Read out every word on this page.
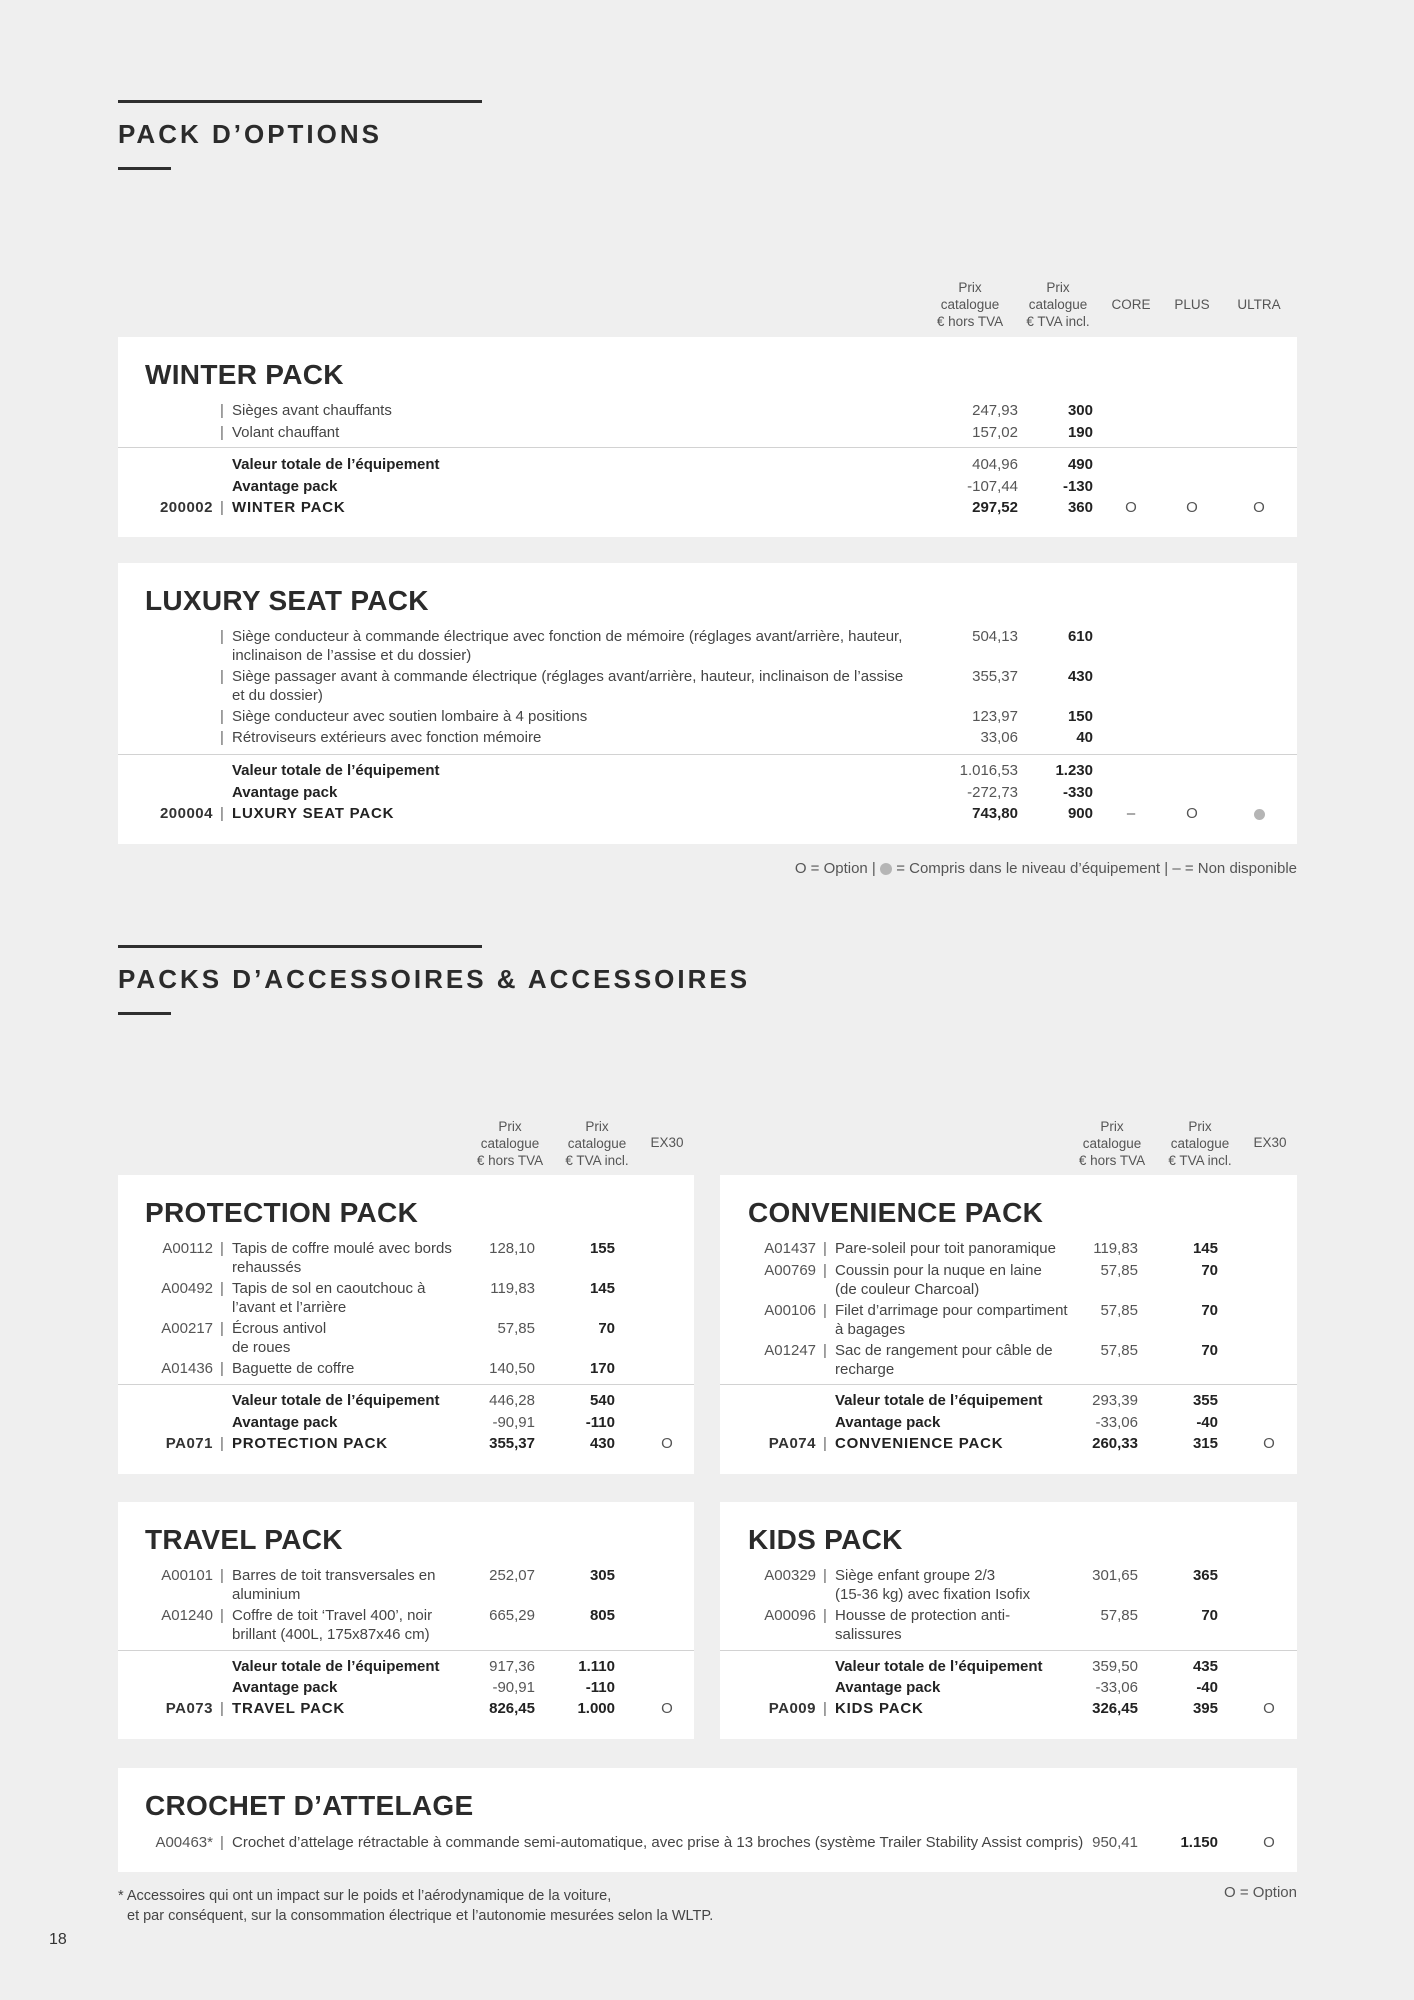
PACK D’OPTIONS
Prix
catalogue
€ hors TVA
Prix
catalogue
€ TVA incl.
CORE	PLUS	ULTRA
WINTER PACK
| Sièges avant chauffants	247,93	300
| Volant chauffant	157,02	190
Valeur totale de l’équipement	404,96	490
Avantage pack	-107,44	-130
200002 | WINTER PACK	297,52	360	O	O	O
LUXURY SEAT PACK
| Siège conducteur à commande électrique avec fonction de mémoire (réglages avant/arrière, hauteur,
inclinaison de l’assise et du dossier)
504,13	610
| Siège passager avant à commande électrique (réglages avant/arrière, hauteur, inclinaison de l’assise
et du dossier)
355,37	430
| Siège conducteur avec soutien lombaire à 4 positions	123,97	150
| Rétroviseurs extérieurs avec fonction mémoire	33,06	40
Valeur totale de l’équipement	1.016,53	1.230
Avantage pack	-272,73	-330
200004 | LUXURY SEAT PACK	743,80	900	–	O
O = Option | = Compris dans le niveau d’équipement | – = Non disponible
PACKS D’ACCESSOIRES & ACCESSOIRES
Prix
catalogue
€ hors TVA
Prix
catalogue
€ TVA incl.
EX30
Prix
catalogue
€ hors TVA
Prix
catalogue
€ TVA incl.
EX30
PROTECTION PACK
A00112 | Tapis de coffre moulé avec bords
rehaussés
128,10	155
A00492 | Tapis de sol en caoutchouc à
l’avant et l’arrière
119,83	145
A00217 | Écrous antivol
de roues
57,85	70
A01436 | Baguette de coffre	140,50	170
Valeur totale de l’équipement	446,28	540
Avantage pack	-90,91	-110
PA071 | PROTECTION PACK	355,37	430	O
CONVENIENCE PACK
A01437 | Pare-soleil pour toit panoramique	119,83	145
A00769 | Coussin pour la nuque en laine
(de couleur Charcoal)
57,85	70
A00106 | Filet d’arrimage pour compartiment
à bagages
57,85	70
A01247 | Sac de rangement pour câble de
recharge
57,85	70
Valeur totale de l’équipement	293,39	355
Avantage pack	-33,06	-40
PA074 | CONVENIENCE PACK	260,33	315	O
TRAVEL PACK
A00101 | Barres de toit transversales en
aluminium
252,07	305
A01240 | Coffre de toit ‘Travel 400’, noir
brillant (400L, 175x87x46 cm)
665,29	805
Valeur totale de l’équipement	917,36	1.110
Avantage pack	-90,91	-110
PA073 | TRAVEL PACK	826,45	1.000	O
KIDS PACK
A00329 | Siège enfant groupe 2/3
(15-36 kg) avec fixation Isofix
301,65	365
A00096 | Housse de protection anti-
salissures
57,85	70
Valeur totale de l’équipement	359,50	435
Avantage pack	-33,06	-40
PA009 | KIDS PACK	326,45	395	O
CROCHET D’ATTELAGE
A00463* | Crochet d’attelage rétractable à commande semi-automatique, avec prise à 13 broches (système Trailer Stability Assist compris) 950,41	1.150	O
* Accessoires qui ont un impact sur le poids et l’aérodynamique de la voiture,
et par conséquent, sur la consommation électrique et l’autonomie mesurées selon la WLTP.
O = Option
18
